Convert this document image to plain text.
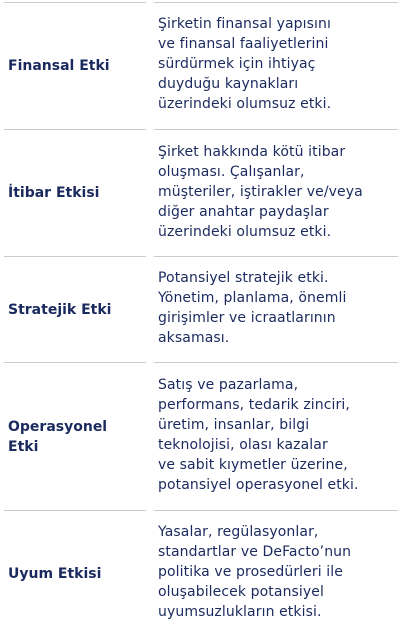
Finansal Etki
Şirketin finansal yapısını
ve finansal faaliyetlerini
sürdürmek için ihtiyaç
duyduğu kaynakları
üzerindeki olumsuz etki.
İtibar Etkisi
Şirket hakkında kötü itibar
oluşması. Çalışanlar,
müşteriler, iştirakler ve/veya
diğer anahtar paydaşlar
üzerindeki olumsuz etki.
Stratejik Etki
Potansiyel stratejik etki.
Yönetim, planlama, önemli
girişimler ve icraatlarının
aksaması.
Operasyonel
Etki
Satış ve pazarlama,
performans, tedarik zinciri,
üretim, insanlar, bilgi
teknolojisi, olası kazalar
ve sabit kıymetler üzerine,
potansiyel operasyonel etki.
Uyum Etkisi
Yasalar, regülasyonlar,
standartlar ve DeFacto’nun
politika ve prosedürleri ile
oluşabilecek potansiyel
uyumsuzlukların etkisi.
